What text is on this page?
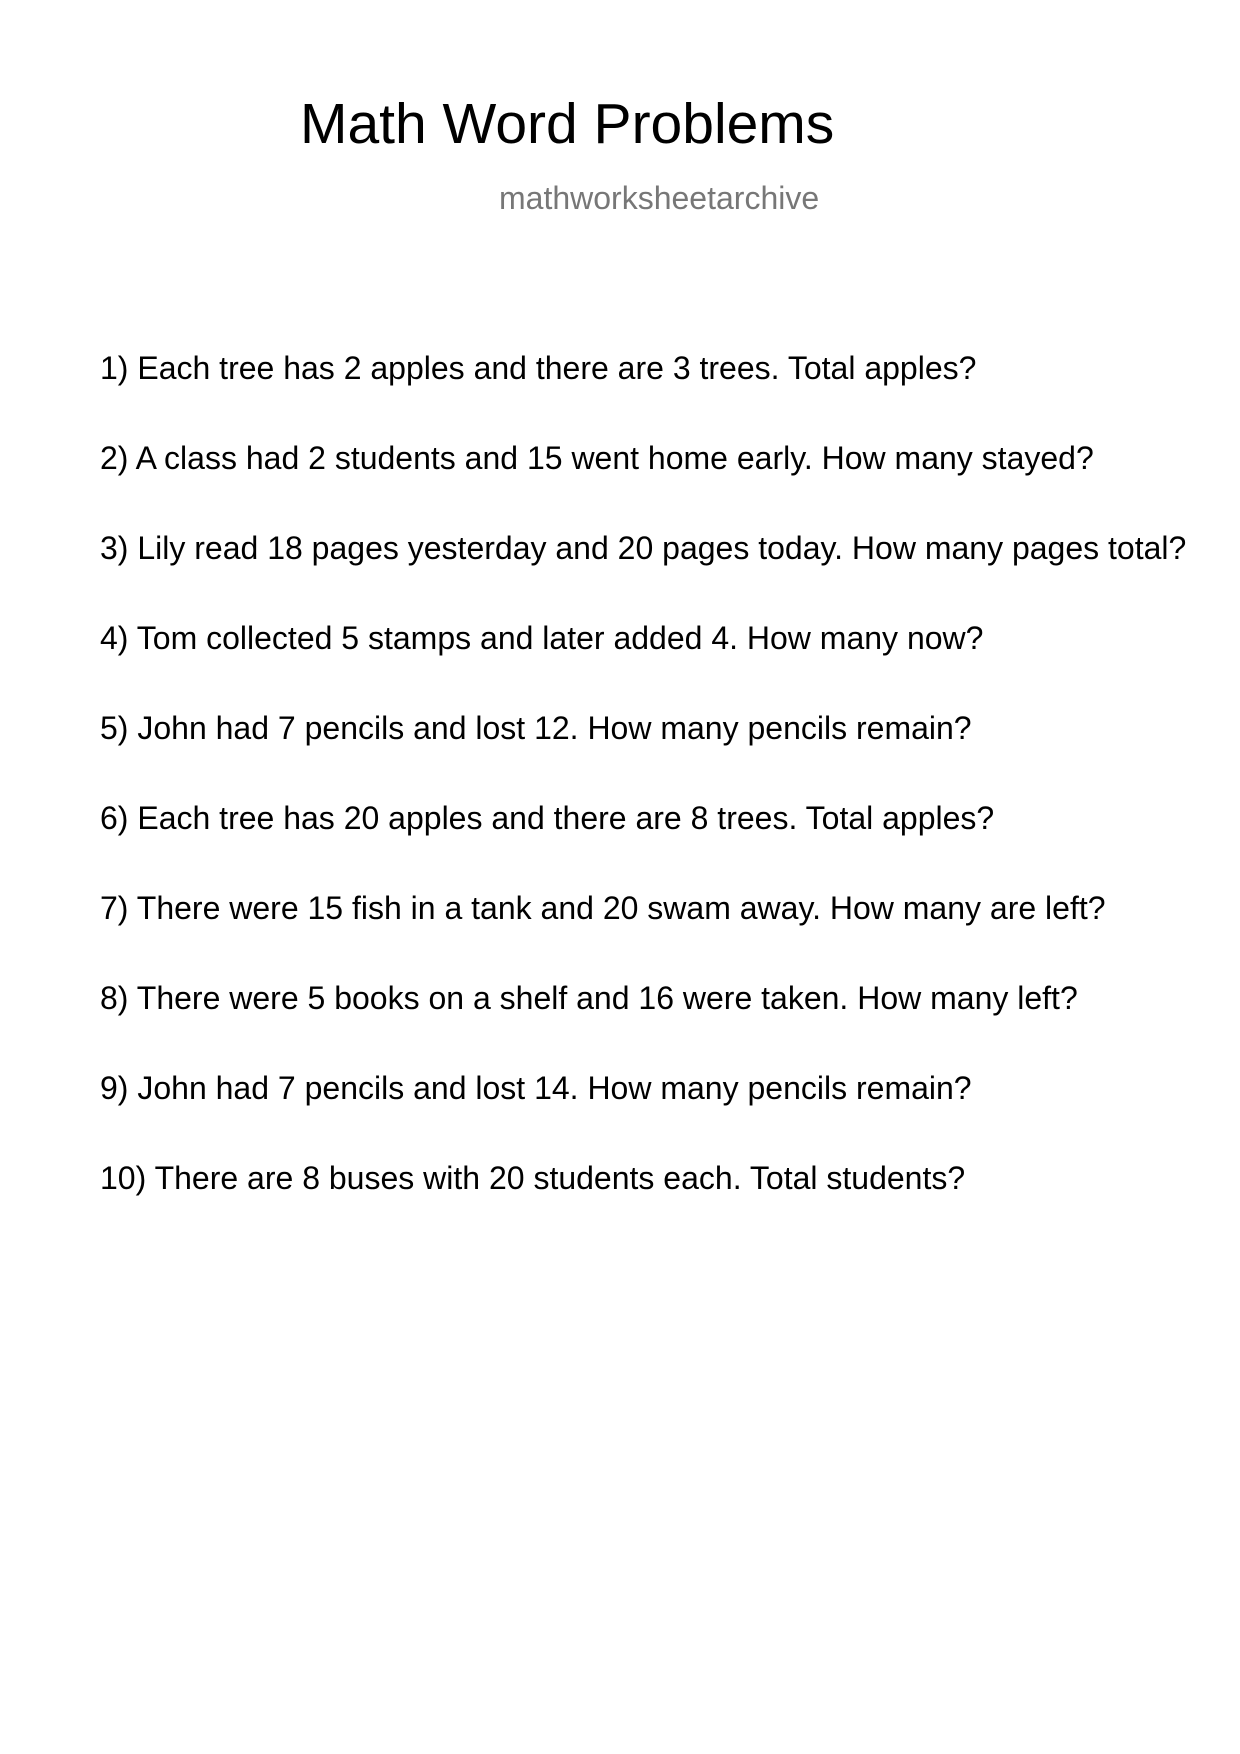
Math Word Problems
mathworksheetarchive
1) Each tree has 2 apples and there are 3 trees. Total apples?
2) A class had 2 students and 15 went home early. How many stayed?
3) Lily read 18 pages yesterday and 20 pages today. How many pages total?
4) Tom collected 5 stamps and later added 4. How many now?
5) John had 7 pencils and lost 12. How many pencils remain?
6) Each tree has 20 apples and there are 8 trees. Total apples?
7) There were 15 fish in a tank and 20 swam away. How many are left?
8) There were 5 books on a shelf and 16 were taken. How many left?
9) John had 7 pencils and lost 14. How many pencils remain?
10) There are 8 buses with 20 students each. Total students?
